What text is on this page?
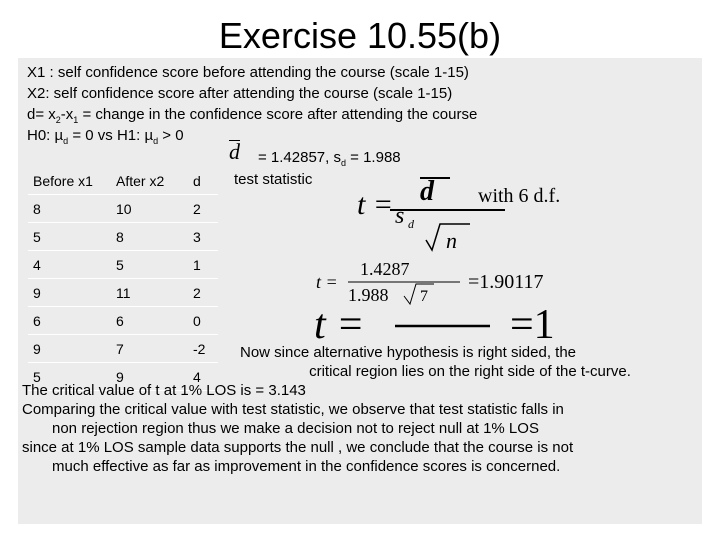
Exercise 10.55(b)
X1 : self confidence score before attending the course (scale 1-15)
X2: self confidence score after attending the course (scale 1-15)
$d= x_2-x_1$ = change in the confidence score after attending the course
H0: µ$_d$ = 0 vs H1: µ$_d$ > 0
d = 1.42857, $s_d = 1.988$
test statistic
Before x1	After x2	d
8	10	2
5	8	3
4	5	1
9	11	2
6	6	0
9	7	-2
5	9	4
t = d
s d
n
with 6 d.f.
t =
1.4287
1.988 7
=1.90117
t =	=1
Now since alternative hypothesis is right sided, the
critical region lies on the right side of the t-curve.
The critical value of t at 1% LOS is = 3.143
Comparing the critical value with test statistic, we observe that test statistic falls in
non rejection region thus we make a decision not to reject null at 1% LOS
since at 1% LOS sample data supports the null , we conclude that the course is not
much effective as far as improvement in the confidence scores is concerned.
